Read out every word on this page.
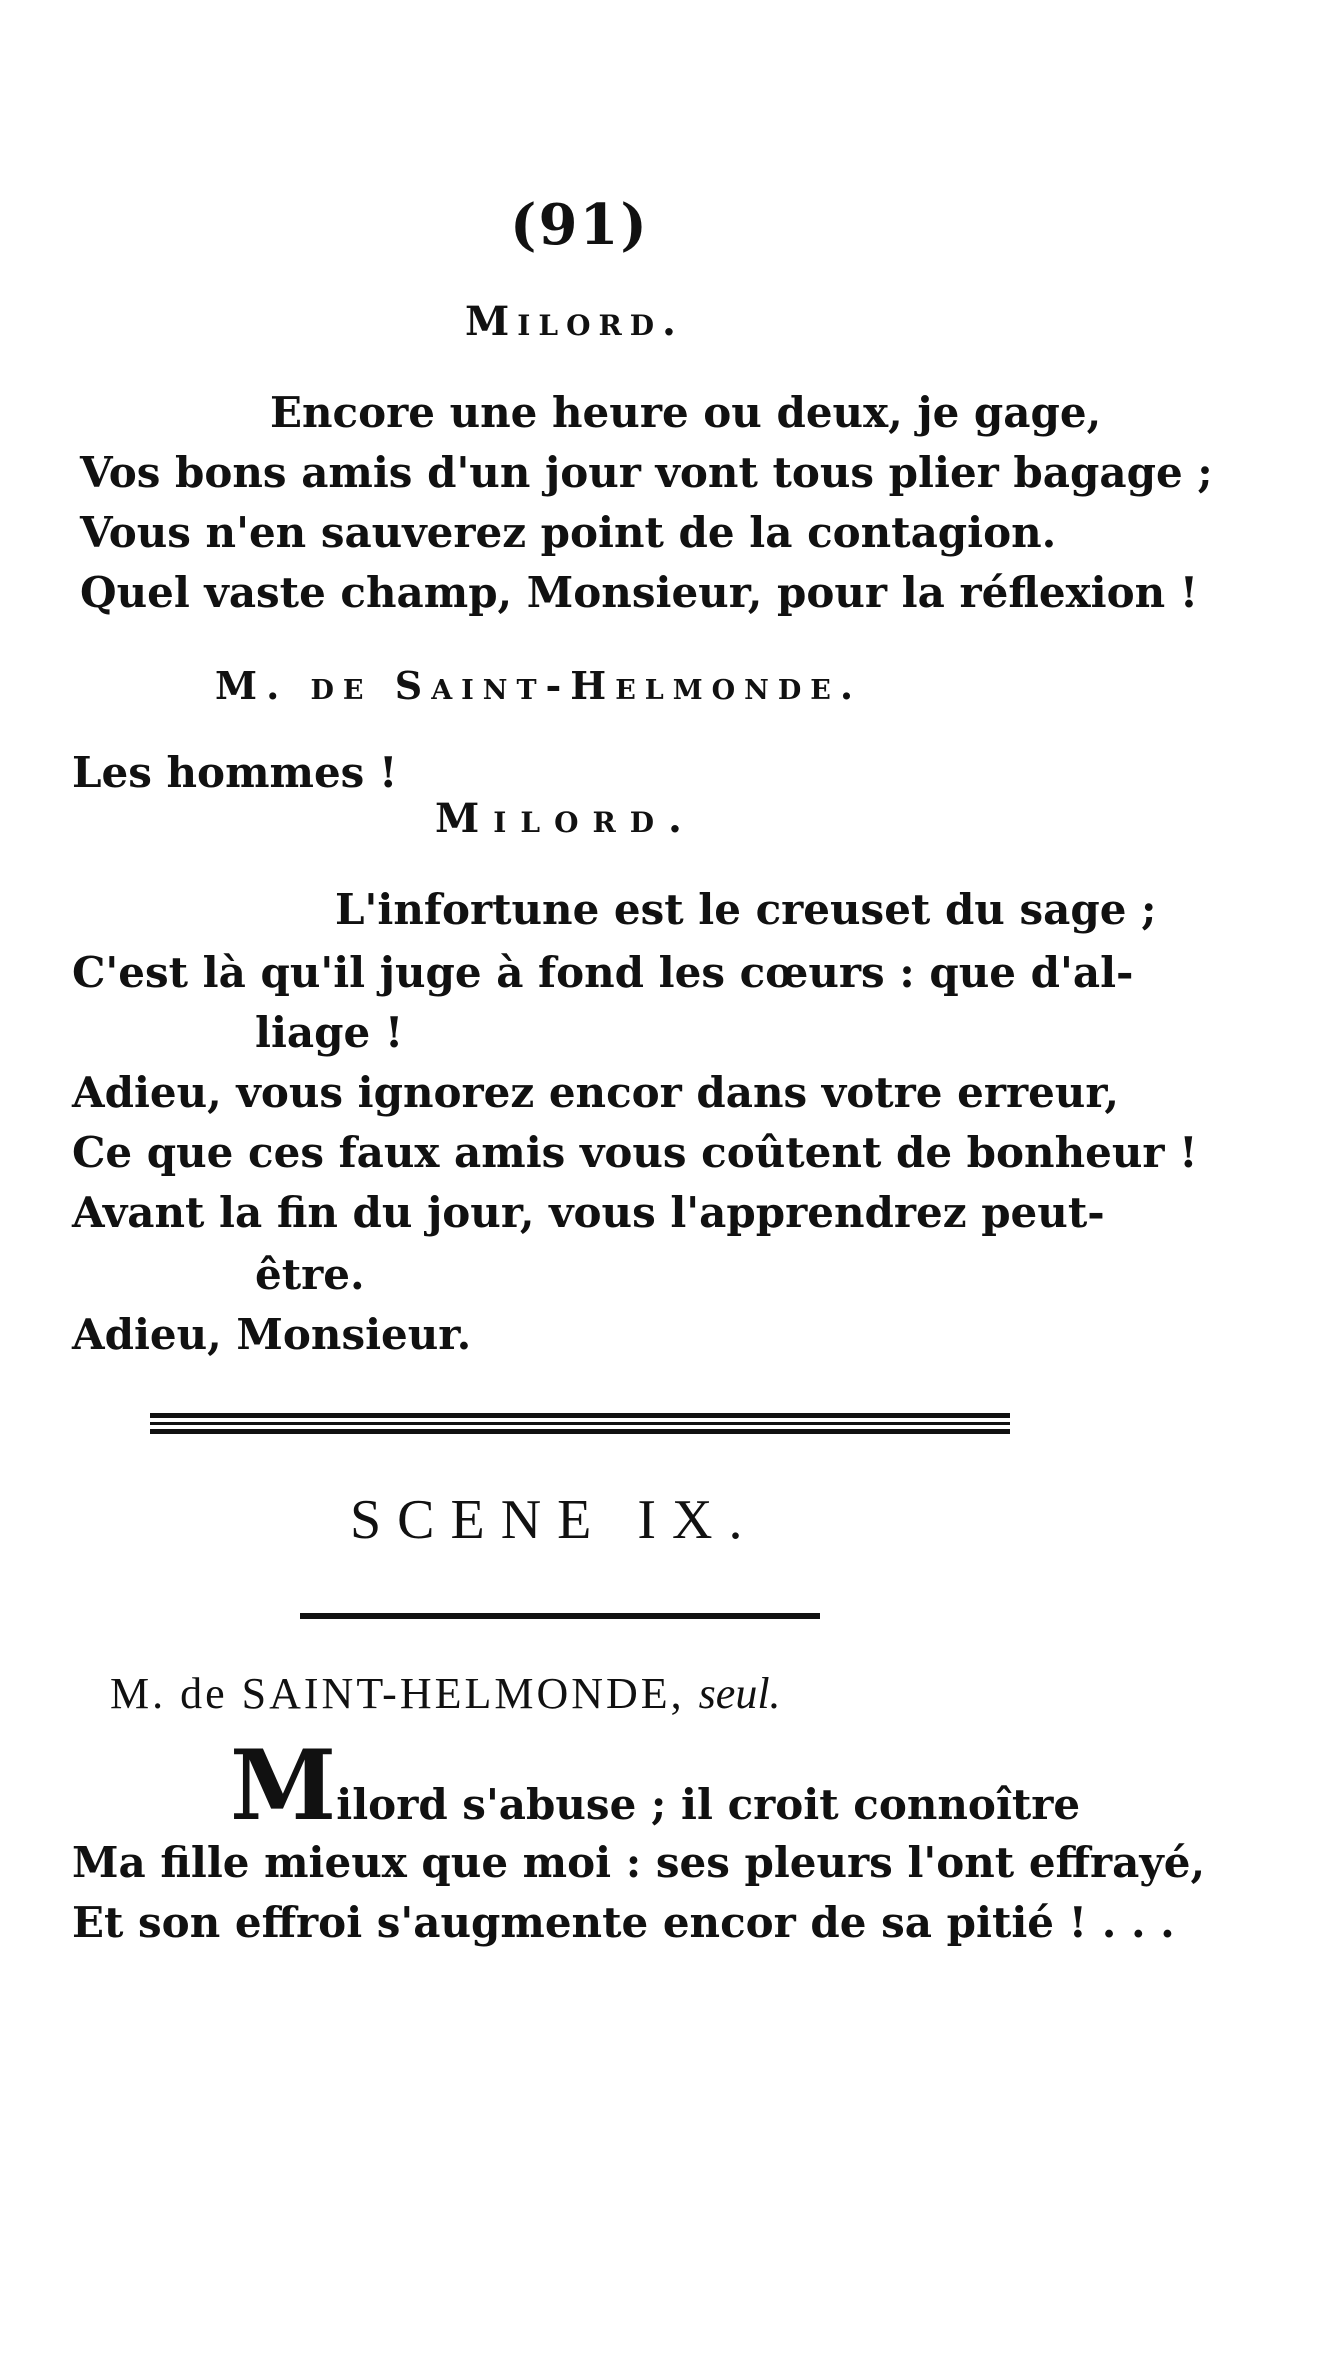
(91)
Milord.
Encore une heure ou deux, je gage,
Vos bons amis d'un jour vont tous plier bagage ;
Vous n'en sauverez point de la contagion.
Quel vaste champ, Monsieur, pour la réflexion !
M. de Saint-Helmonde.
Les hommes !
Milord.
L'infortune est le creuset du sage ;
C'est là qu'il juge à fond les cœurs : que d'al-
liage !
Adieu, vous ignorez encor dans votre erreur,
Ce que ces faux amis vous coûtent de bonheur !
Avant la fin du jour, vous l'apprendrez peut-
être.
Adieu, Monsieur.
SCENE IX.
M. de SAINT-HELMONDE, seul.
Milord s'abuse ; il croit connoître
Ma fille mieux que moi : ses pleurs l'ont effrayé,
Et son effroi s'augmente encor de sa pitié ! . . .
